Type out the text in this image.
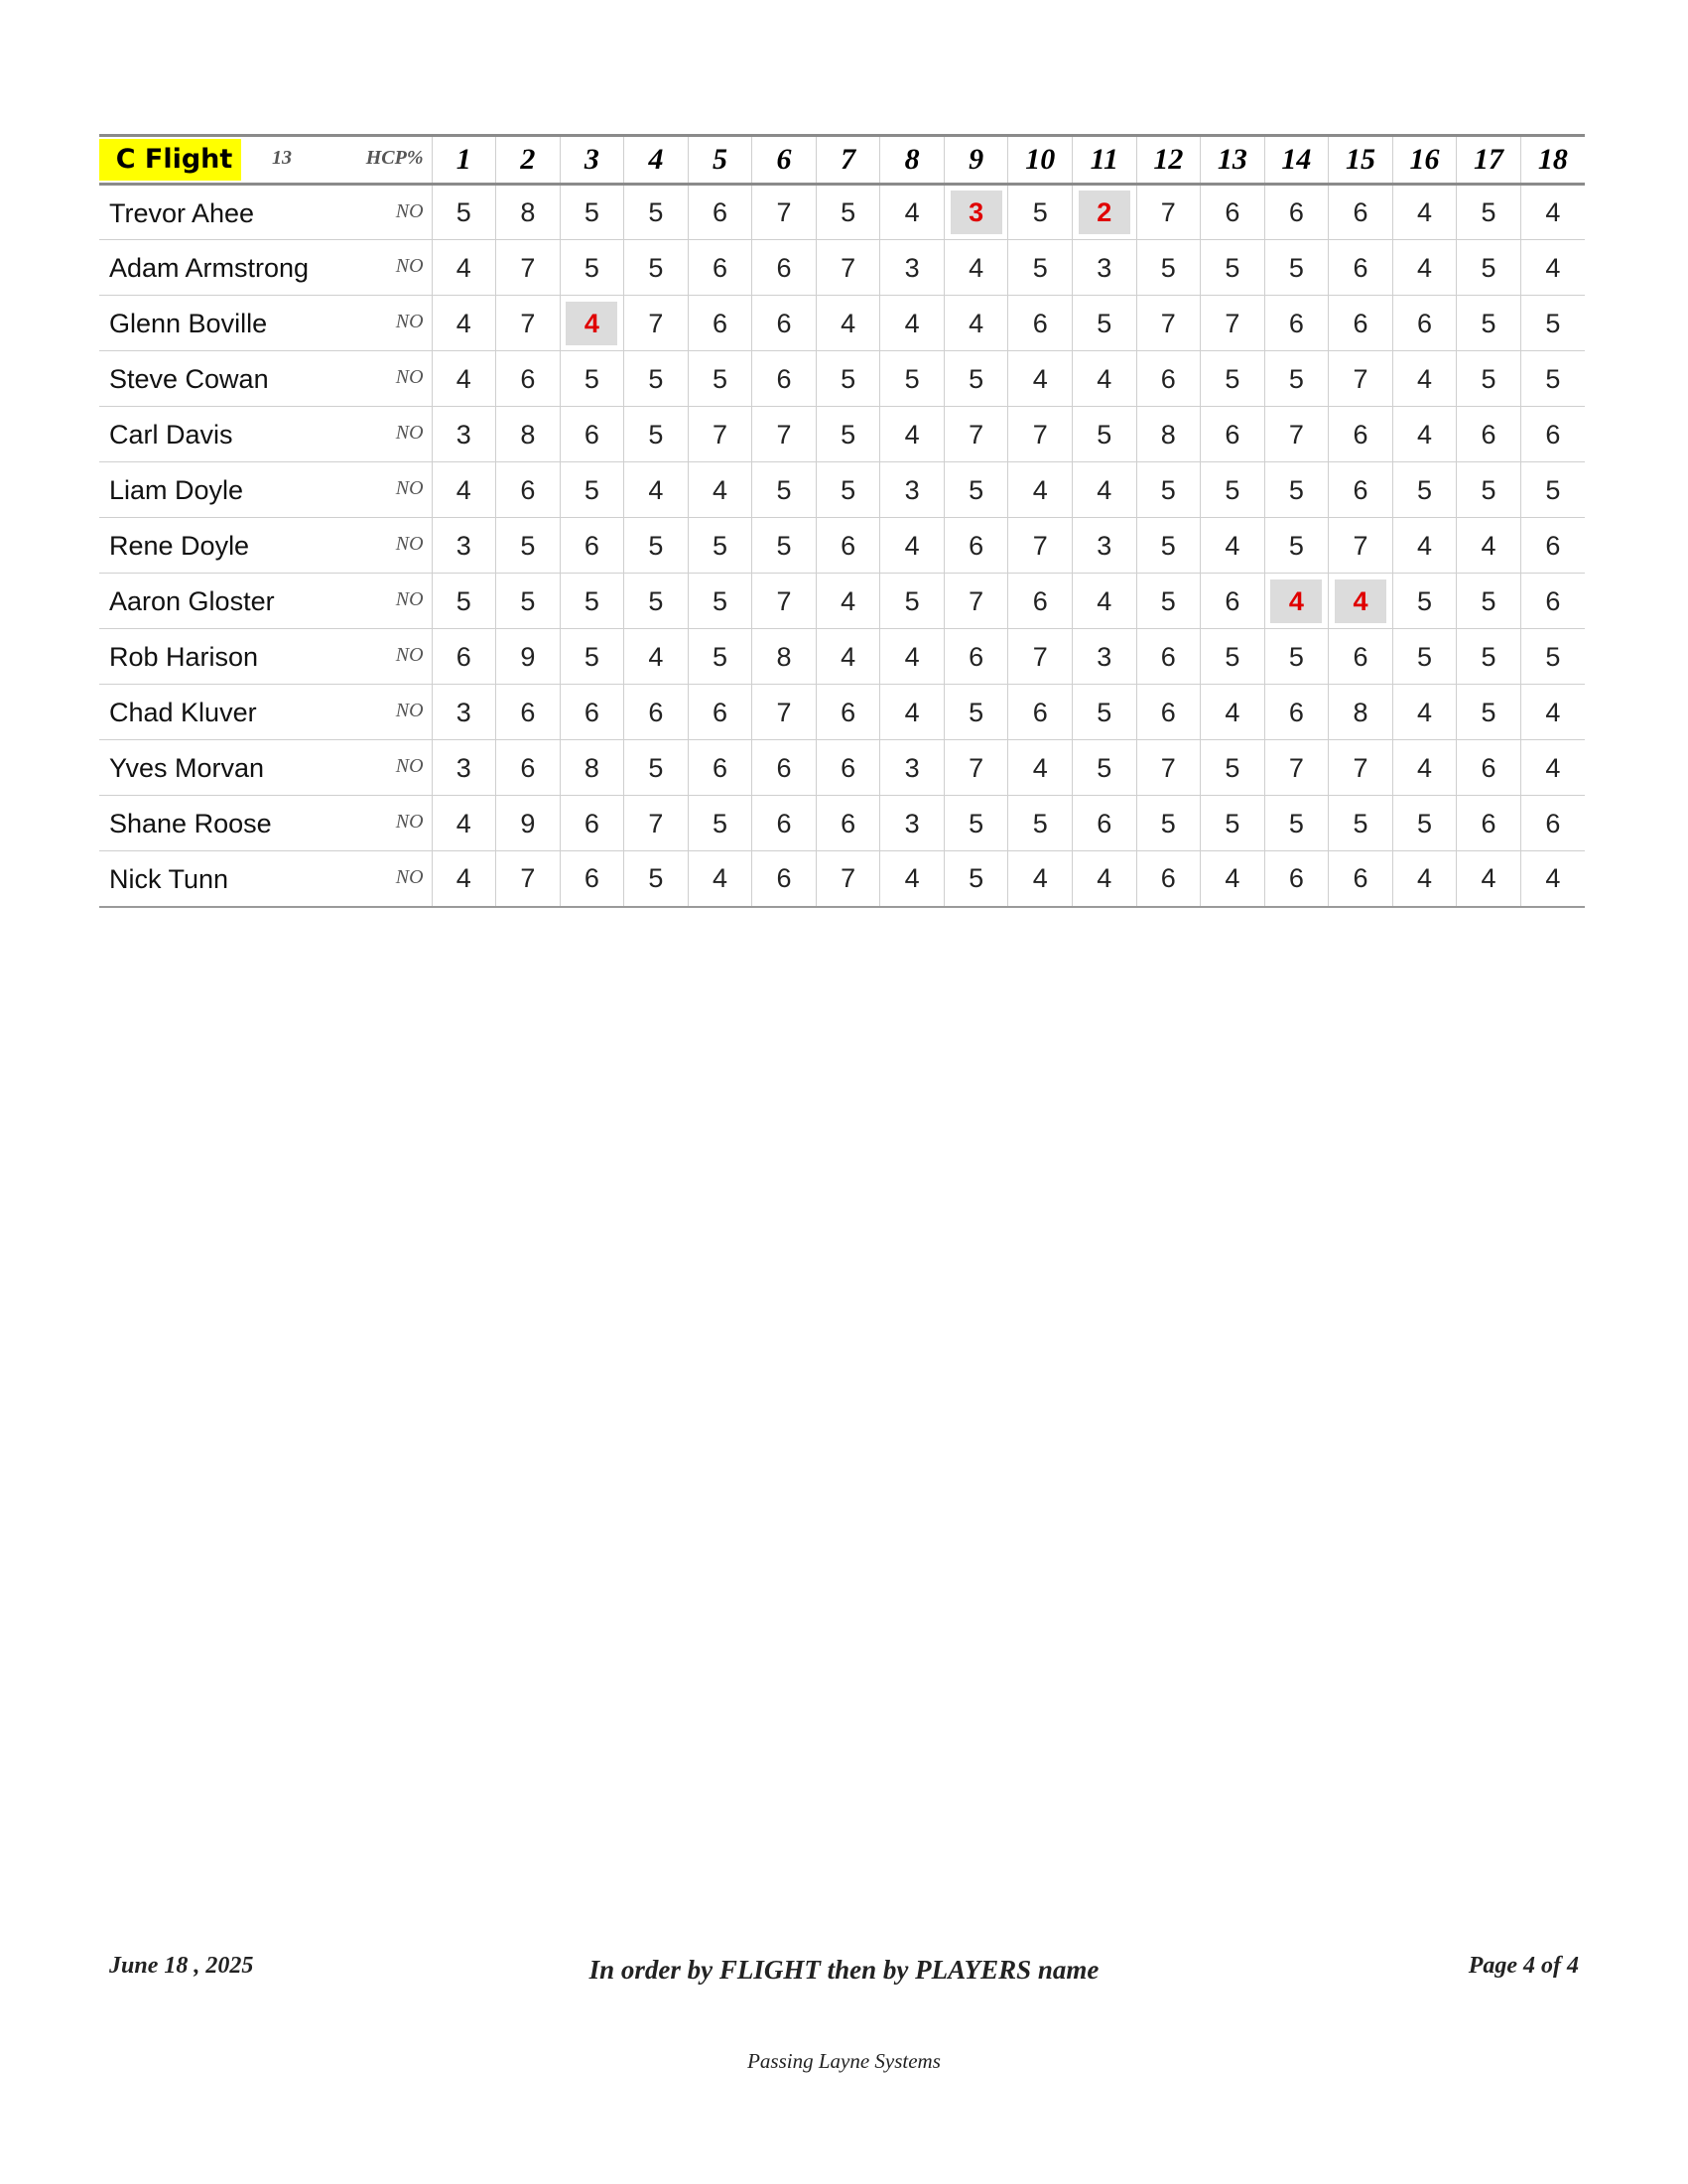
C Flight 13 HCP%	1	2	3	4	5	6	7	8	9	10	11	12	13	14	15	16	17	18

Trevor Ahee NO	5	8	5	5	6	7	5	4	3	5	2	7	6	6	6	4	5	4

Adam Armstrong NO	4	7	5	5	6	6	7	3	4	5	3	5	5	5	6	4	5	4

Glenn Boville NO	4	7	4	7	6	6	4	4	4	6	5	7	7	6	6	6	5	5

Steve Cowan NO	4	6	5	5	5	6	5	5	5	4	4	6	5	5	7	4	5	5

Carl Davis NO	3	8	6	5	7	7	5	4	7	7	5	8	6	7	6	4	6	6

Liam Doyle NO	4	6	5	4	4	5	5	3	5	4	4	5	5	5	6	5	5	5

Rene Doyle NO	3	5	6	5	5	5	6	4	6	7	3	5	4	5	7	4	4	6

Aaron Gloster NO	5	5	5	5	5	7	4	5	7	6	4	5	6	4	4	5	5	6

Rob Harison NO	6	9	5	4	5	8	4	4	6	7	3	6	5	5	6	5	5	5

Chad Kluver NO	3	6	6	6	6	7	6	4	5	6	5	6	4	6	8	4	5	4

Yves Morvan NO	3	6	8	5	6	6	6	3	7	4	5	7	5	7	7	4	6	4

Shane Roose NO	4	9	6	7	5	6	6	3	5	5	6	5	5	5	5	5	6	6

Nick Tunn NO	4	7	6	5	4	6	7	4	5	4	4	6	4	6	6	4	4	4
June 18 , 2025	In order by FLIGHT then by PLAYERS name	Page 4 of 4
Passing Layne Systems
